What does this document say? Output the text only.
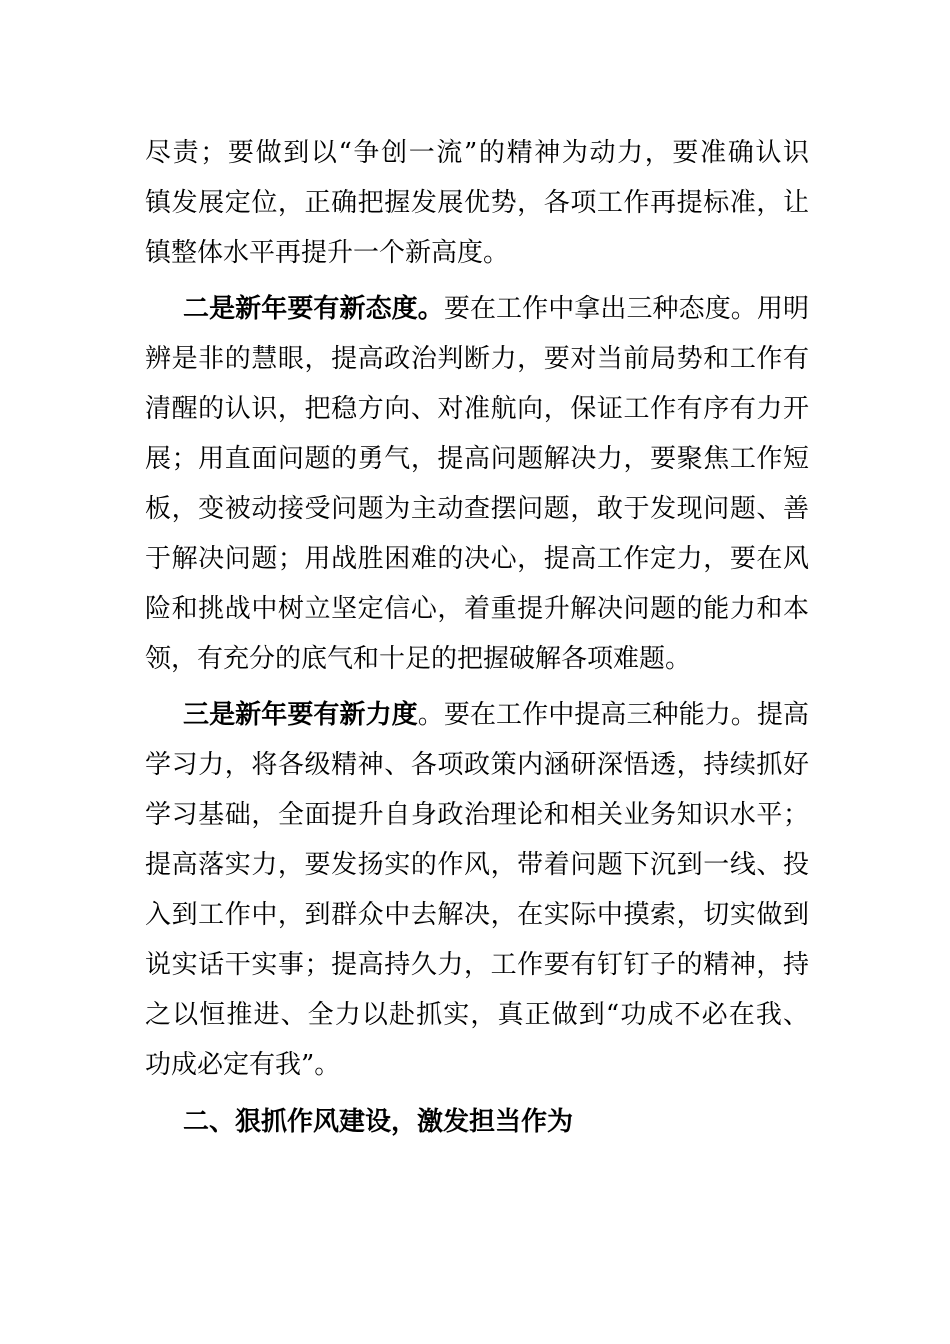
尽责；要做到以“争创一流”的精神为动力，要准确认识
镇发展定位，正确把握发展优势，各项工作再提标准，让
镇整体水平再提升一个新高度。
二是新年要有新态度。要在工作中拿出三种态度。用明
辨是非的慧眼，提高政治判断力，要对当前局势和工作有
清醒的认识，把稳方向、对准航向，保证工作有序有力开
展；用直面问题的勇气，提高问题解决力，要聚焦工作短
板，变被动接受问题为主动查摆问题，敢于发现问题、善
于解决问题；用战胜困难的决心，提高工作定力，要在风
险和挑战中树立坚定信心，着重提升解决问题的能力和本
领，有充分的底气和十足的把握破解各项难题。
三是新年要有新力度。要在工作中提高三种能力。提高
学习力，将各级精神、各项政策内涵研深悟透，持续抓好
学习基础，全面提升自身政治理论和相关业务知识水平；
提高落实力，要发扬实的作风，带着问题下沉到一线、投
入到工作中，到群众中去解决，在实际中摸索，切实做到
说实话干实事；提高持久力，工作要有钉钉子的精神，持
之以恒推进、全力以赴抓实，真正做到“功成不必在我、
功成必定有我”。
二、狠抓作风建设，激发担当作为
